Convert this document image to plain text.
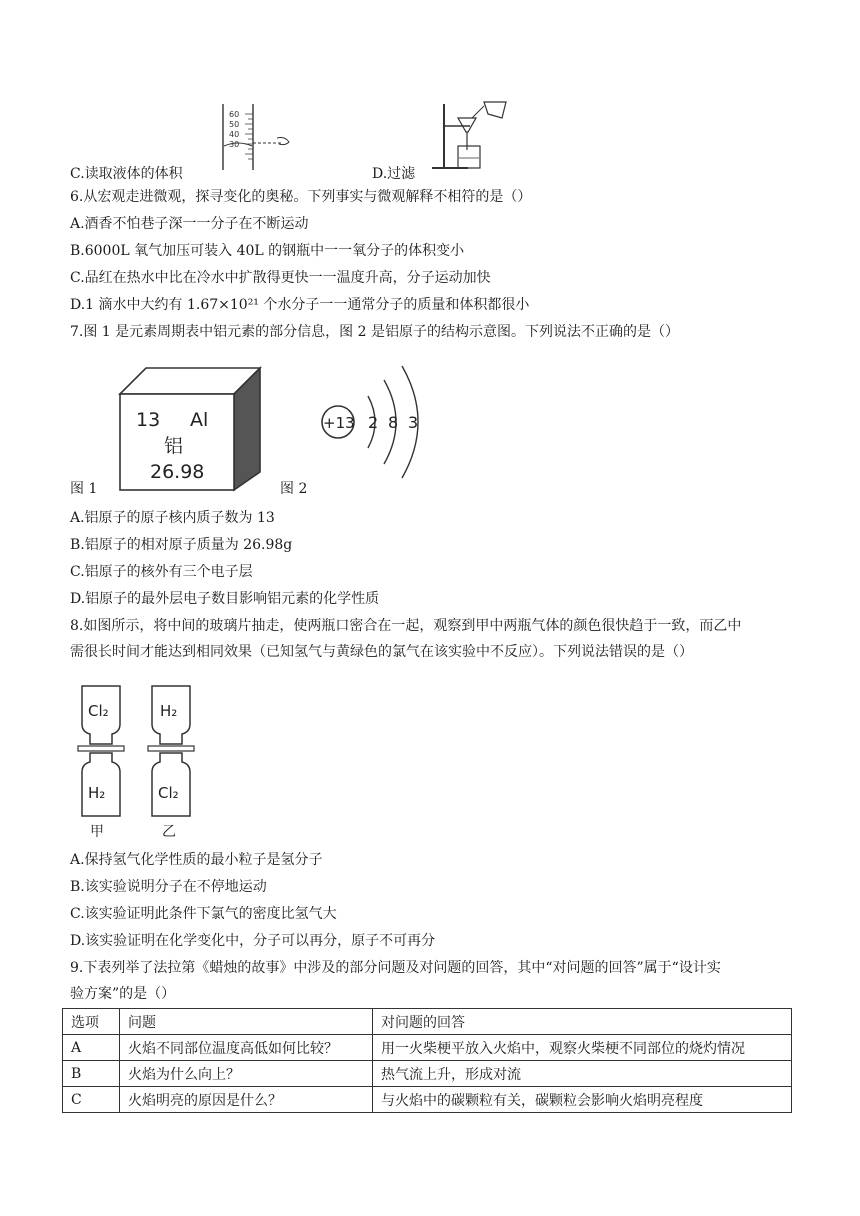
60
50
40
30
C.读取液体的体积	D.过滤
6.从宏观走进微观，探寻变化的奥秘。下列事实与微观解释不相符的是（）
A.酒香不怕巷子深一一分子在不断运动
B.6000L 氧气加压可装入 40L 的钢瓶中一一氧分子的体积变小
C.品红在热水中比在冷水中扩散得更快一一温度升高，分子运动加快
D.1 滴水中大约有 1.67×10²¹ 个水分子一一通常分子的质量和体积都很小
7.图 1 是元素周期表中铝元素的部分信息，图 2 是铝原子的结构示意图。下列说法不正确的是（）
13 Al
铝
26.98
图 1	图 2
+13 2 8 3
A.铝原子的原子核内质子数为 13
B.铝原子的相对原子质量为 26.98g
C.铝原子的核外有三个电子层
D.铝原子的最外层电子数目影响铝元素的化学性质
8.如图所示，将中间的玻璃片抽走，使两瓶口密合在一起，观察到甲中两瓶气体的颜色很快趋于一致，而乙中
需很长时间才能达到相同效果（已知氢气与黄绿色的氯气在该实验中不反应）。下列说法错误的是（）
Cl₂
H₂
甲
H₂
Cl₂
乙
A.保持氢气化学性质的最小粒子是氢分子
B.该实验说明分子在不停地运动
C.该实验证明此条件下氯气的密度比氢气大
D.该实验证明在化学变化中，分子可以再分，原子不可再分
9.下表列举了法拉第《蜡烛的故事》中涉及的部分问题及对问题的回答，其中“对问题的回答”属于“设计实
验方案”的是（）
选项	问题	对问题的回答
A	火焰不同部位温度高低如何比较？	用一火柴梗平放入火焰中，观察火柴梗不同部位的烧灼情况
B	火焰为什么向上？	热气流上升，形成对流
C	火焰明亮的原因是什么？	与火焰中的碳颗粒有关，碳颗粒会影响火焰明亮程度
